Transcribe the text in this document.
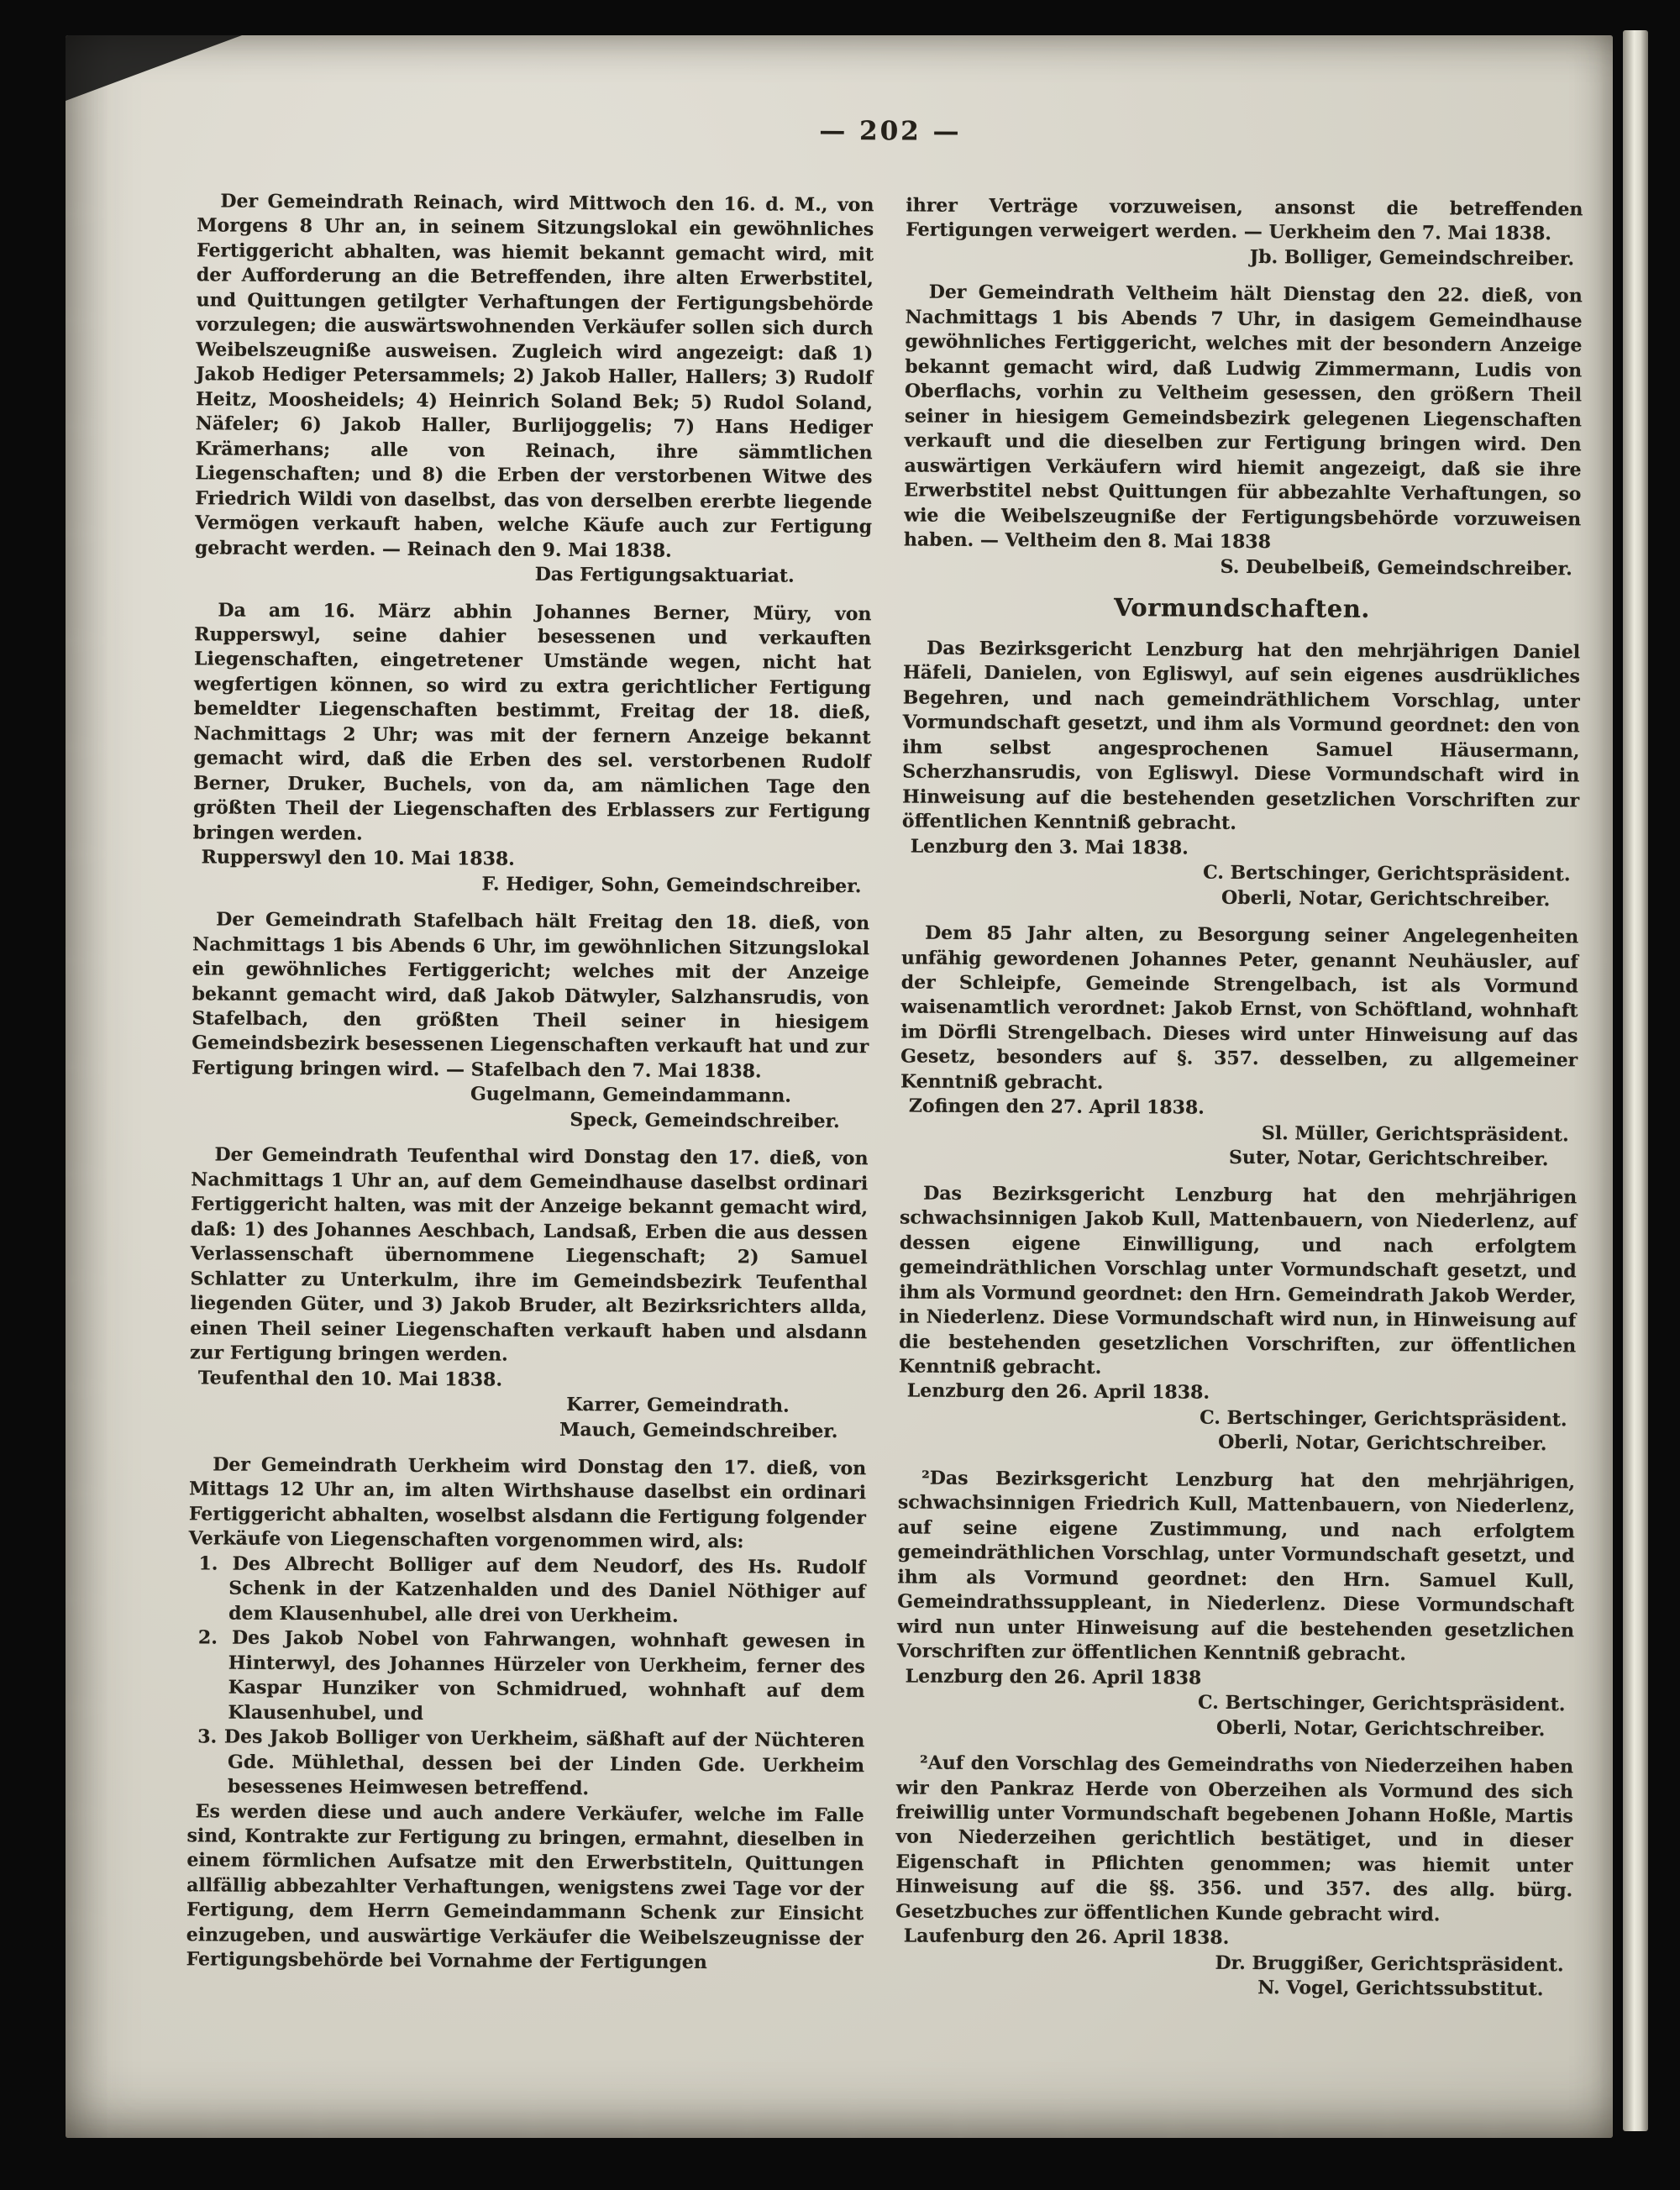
— 202 —

Der Gemeindrath Reinach, wird Mittwoch den 16. d. M., von Morgens 8 Uhr an, in seinem Sitzungslokal ein gewöhnliches Fertiggericht abhalten, was hiemit bekannt gemacht wird, mit der Aufforderung an die Betreffenden, ihre alten Erwerbstitel, und Quittungen getilgter Verhaftungen der Fertigungsbehörde vorzulegen; die auswärtswohnenden Verkäufer sollen sich durch Weibelszeugniße ausweisen. Zugleich wird angezeigt: daß 1) Jakob Hediger Petersammels; 2) Jakob Haller, Hallers; 3) Rudolf Heitz, Moosheidels; 4) Heinrich Soland Bek; 5) Rudol Soland, Näfeler; 6) Jakob Haller, Burlijoggelis; 7) Hans Hediger Krämerhans; alle von Reinach, ihre sämmtlichen Liegenschaften; und 8) die Erben der verstorbenen Witwe des Friedrich Wildi von daselbst, das von derselben ererbte liegende Vermögen verkauft haben, welche Käufe auch zur Fertigung gebracht werden. — Reinach den 9. Mai 1838.

Das Fertigungsaktuariat.

Da am 16. März abhin Johannes Berner, Müry, von Rupperswyl, seine dahier besessenen und verkauften Liegenschaften, eingetretener Umstände wegen, nicht hat wegfertigen können, so wird zu extra gerichtlicher Fertigung bemeldter Liegenschaften bestimmt, Freitag der 18. dieß, Nachmittags 2 Uhr; was mit der fernern Anzeige bekannt gemacht wird, daß die Erben des sel. verstorbenen Rudolf Berner, Druker, Buchels, von da, am nämlichen Tage den größten Theil der Liegenschaften des Erblassers zur Fertigung bringen werden.

Rupperswyl den 10. Mai 1838.

F. Hediger, Sohn, Gemeindschreiber.

Der Gemeindrath Stafelbach hält Freitag den 18. dieß, von Nachmittags 1 bis Abends 6 Uhr, im gewöhnlichen Sitzungslokal ein gewöhnliches Fertiggericht; welches mit der Anzeige bekannt gemacht wird, daß Jakob Dätwyler, Salzhansrudis, von Stafelbach, den größten Theil seiner in hiesigem Gemeindsbezirk besessenen Liegenschaften verkauft hat und zur Fertigung bringen wird. — Stafelbach den 7. Mai 1838.

Gugelmann, Gemeindammann.

Speck, Gemeindschreiber.

Der Gemeindrath Teufenthal wird Donstag den 17. dieß, von Nachmittags 1 Uhr an, auf dem Gemeindhause daselbst ordinari Fertiggericht halten, was mit der Anzeige bekannt gemacht wird, daß: 1) des Johannes Aeschbach, Landsaß, Erben die aus dessen Verlassenschaft übernommene Liegenschaft; 2) Samuel Schlatter zu Unterkulm, ihre im Gemeindsbezirk Teufenthal liegenden Güter, und 3) Jakob Bruder, alt Bezirksrichters allda, einen Theil seiner Liegenschaften verkauft haben und alsdann zur Fertigung bringen werden.

Teufenthal den 10. Mai 1838.

Karrer, Gemeindrath.

Mauch, Gemeindschreiber.

Der Gemeindrath Uerkheim wird Donstag den 17. dieß, von Mittags 12 Uhr an, im alten Wirthshause daselbst ein ordinari Fertiggericht abhalten, woselbst alsdann die Fertigung folgender Verkäufe von Liegenschaften vorgenommen wird, als:

1. Des Albrecht Bolliger auf dem Neudorf, des Hs. Rudolf Schenk in der Katzenhalden und des Daniel Nöthiger auf dem Klausenhubel, alle drei von Uerkheim.

2. Des Jakob Nobel von Fahrwangen, wohnhaft gewesen in Hinterwyl, des Johannes Hürzeler von Uerkheim, ferner des Kaspar Hunziker von Schmidrued, wohnhaft auf dem Klausenhubel, und

3. Des Jakob Bolliger von Uerkheim, säßhaft auf der Nüchteren Gde. Mühlethal, dessen bei der Linden Gde. Uerkheim besessenes Heimwesen betreffend.

Es werden diese und auch andere Verkäufer, welche im Falle sind, Kontrakte zur Fertigung zu bringen, ermahnt, dieselben in einem förmlichen Aufsatze mit den Erwerbstiteln, Quittungen allfällig abbezahlter Verhaftungen, wenigstens zwei Tage vor der Fertigung, dem Herrn Gemeindammann Schenk zur Einsicht einzugeben, und auswärtige Verkäufer die Weibelszeugnisse der Fertigungsbehörde bei Vornahme der Fertigungen

ihrer Verträge vorzuweisen, ansonst die betreffenden Fertigungen verweigert werden. — Uerkheim den 7. Mai 1838.

Jb. Bolliger, Gemeindschreiber.

Der Gemeindrath Veltheim hält Dienstag den 22. dieß, von Nachmittags 1 bis Abends 7 Uhr, in dasigem Gemeindhause gewöhnliches Fertiggericht, welches mit der besondern Anzeige bekannt gemacht wird, daß Ludwig Zimmermann, Ludis von Oberflachs, vorhin zu Veltheim gesessen, den größern Theil seiner in hiesigem Gemeindsbezirk gelegenen Liegenschaften verkauft und die dieselben zur Fertigung bringen wird. Den auswärtigen Verkäufern wird hiemit angezeigt, daß sie ihre Erwerbstitel nebst Quittungen für abbezahlte Verhaftungen, so wie die Weibelszeugniße der Fertigungsbehörde vorzuweisen haben. — Veltheim den 8. Mai 1838

S. Deubelbeiß, Gemeindschreiber.

Vormundschaften.

Das Bezirksgericht Lenzburg hat den mehrjährigen Daniel Häfeli, Danielen, von Egliswyl, auf sein eigenes ausdrükliches Begehren, und nach gemeindräthlichem Vorschlag, unter Vormundschaft gesetzt, und ihm als Vormund geordnet: den von ihm selbst angesprochenen Samuel Häusermann, Scherzhansrudis, von Egliswyl. Diese Vormundschaft wird in Hinweisung auf die bestehenden gesetzlichen Vorschriften zur öffentlichen Kenntniß gebracht.

Lenzburg den 3. Mai 1838.

C. Bertschinger, Gerichtspräsident.

Oberli, Notar, Gerichtschreiber.

Dem 85 Jahr alten, zu Besorgung seiner Angelegenheiten unfähig gewordenen Johannes Peter, genannt Neuhäusler, auf der Schleipfe, Gemeinde Strengelbach, ist als Vormund waisenamtlich verordnet: Jakob Ernst, von Schöftland, wohnhaft im Dörfli Strengelbach. Dieses wird unter Hinweisung auf das Gesetz, besonders auf §. 357. desselben, zu allgemeiner Kenntniß gebracht.

Zofingen den 27. April 1838.

Sl. Müller, Gerichtspräsident.

Suter, Notar, Gerichtschreiber.

Das Bezirksgericht Lenzburg hat den mehrjährigen schwachsinnigen Jakob Kull, Mattenbauern, von Niederlenz, auf dessen eigene Einwilligung, und nach erfolgtem gemeindräthlichen Vorschlag unter Vormundschaft gesetzt, und ihm als Vormund geordnet: den Hrn. Gemeindrath Jakob Werder, in Niederlenz. Diese Vormundschaft wird nun, in Hinweisung auf die bestehenden gesetzlichen Vorschriften, zur öffentlichen Kenntniß gebracht.

Lenzburg den 26. April 1838.

C. Bertschinger, Gerichtspräsident.

Oberli, Notar, Gerichtschreiber.

²Das Bezirksgericht Lenzburg hat den mehrjährigen, schwachsinnigen Friedrich Kull, Mattenbauern, von Niederlenz, auf seine eigene Zustimmung, und nach erfolgtem gemeindräthlichen Vorschlag, unter Vormundschaft gesetzt, und ihm als Vormund geordnet: den Hrn. Samuel Kull, Gemeindrathssuppleant, in Niederlenz. Diese Vormundschaft wird nun unter Hinweisung auf die bestehenden gesetzlichen Vorschriften zur öffentlichen Kenntniß gebracht.

Lenzburg den 26. April 1838

C. Bertschinger, Gerichtspräsident.

Oberli, Notar, Gerichtschreiber.

²Auf den Vorschlag des Gemeindraths von Niederzeihen haben wir den Pankraz Herde von Oberzeihen als Vormund des sich freiwillig unter Vormundschaft begebenen Johann Hoßle, Martis von Niederzeihen gerichtlich bestätiget, und in dieser Eigenschaft in Pflichten genommen; was hiemit unter Hinweisung auf die §§. 356. und 357. des allg. bürg. Gesetzbuches zur öffentlichen Kunde gebracht wird.

Laufenburg den 26. April 1838.

Dr. Bruggißer, Gerichtspräsident.

N. Vogel, Gerichtssubstitut.
